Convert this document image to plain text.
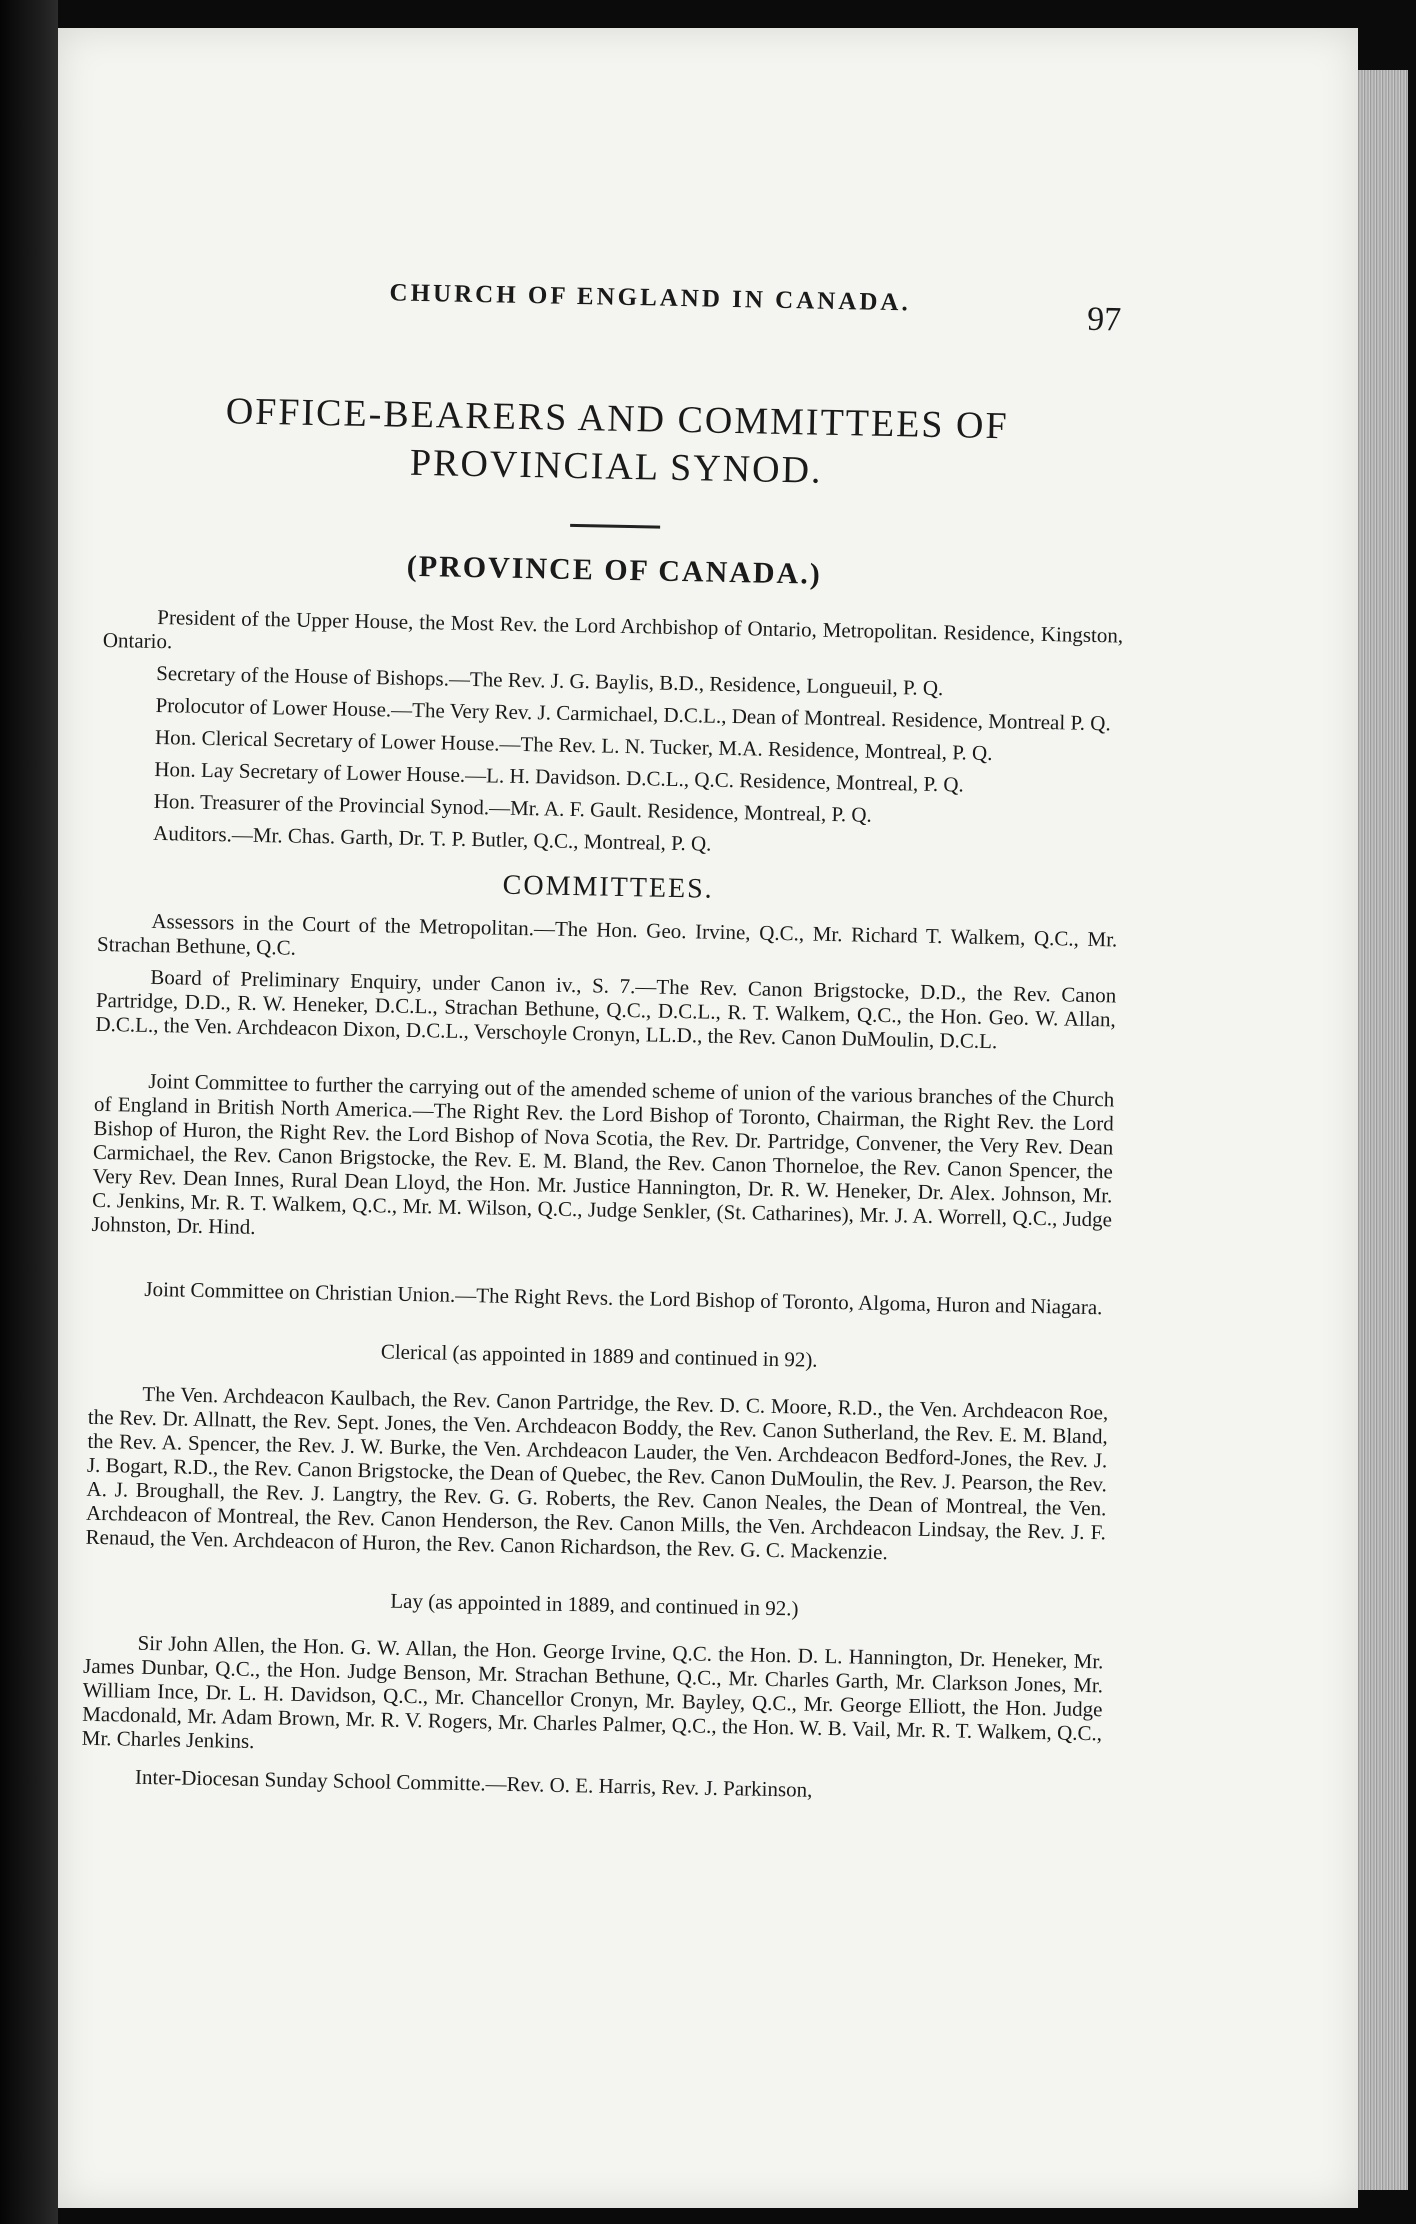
CHURCH OF ENGLAND IN CANADA.
97
OFFICE-BEARERS AND COMMITTEES OF
PROVINCIAL SYNOD.
(PROVINCE OF CANADA.)

President of the Upper House, the Most Rev. the Lord Archbishop of Ontario, Metropolitan. Residence, Kingston, Ontario.

Secretary of the House of Bishops.—The Rev. J. G. Baylis, B.D., Residence, Longueuil, P. Q.

Prolocutor of Lower House.—The Very Rev. J. Carmichael, D.C.L., Dean of Montreal. Residence, Montreal P. Q.

Hon. Clerical Secretary of Lower House.—The Rev. L. N. Tucker, M.A. Residence, Montreal, P. Q.

Hon. Lay Secretary of Lower House.—L. H. Davidson. D.C.L., Q.C. Residence, Montreal, P. Q.

Hon. Treasurer of the Provincial Synod.—Mr. A. F. Gault. Residence, Montreal, P. Q.

Auditors.—Mr. Chas. Garth, Dr. T. P. Butler, Q.C., Montreal, P. Q.

COMMITTEES.

Assessors in the Court of the Metropolitan.—The Hon. Geo. Irvine, Q.C., Mr. Richard T. Walkem, Q.C., Mr. Strachan Bethune, Q.C.

Board of Preliminary Enquiry, under Canon iv., S. 7.—The Rev. Canon Brigstocke, D.D., the Rev. Canon Partridge, D.D., R. W. Heneker, D.C.L., Strachan Bethune, Q.C., D.C.L., R. T. Walkem, Q.C., the Hon. Geo. W. Allan, D.C.L., the Ven. Archdeacon Dixon, D.C.L., Verschoyle Cronyn, LL.D., the Rev. Canon DuMoulin, D.C.L.

Joint Committee to further the carrying out of the amended scheme of union of the various branches of the Church of England in British North America.—The Right Rev. the Lord Bishop of Toronto, Chairman, the Right Rev. the Lord Bishop of Huron, the Right Rev. the Lord Bishop of Nova Scotia, the Rev. Dr. Partridge, Convener, the Very Rev. Dean Carmichael, the Rev. Canon Brigstocke, the Rev. E. M. Bland, the Rev. Canon Thorneloe, the Rev. Canon Spencer, the Very Rev. Dean Innes, Rural Dean Lloyd, the Hon. Mr. Justice Hannington, Dr. R. W. Heneker, Dr. Alex. Johnson, Mr. C. Jenkins, Mr. R. T. Walkem, Q.C., Mr. M. Wilson, Q.C., Judge Senkler, (St. Catharines), Mr. J. A. Worrell, Q.C., Judge Johnston, Dr. Hind.

Joint Committee on Christian Union.—The Right Revs. the Lord Bishop of Toronto, Algoma, Huron and Niagara.

Clerical (as appointed in 1889 and continued in 92).

The Ven. Archdeacon Kaulbach, the Rev. Canon Partridge, the Rev. D. C. Moore, R.D., the Ven. Archdeacon Roe, the Rev. Dr. Allnatt, the Rev. Sept. Jones, the Ven. Archdeacon Boddy, the Rev. Canon Sutherland, the Rev. E. M. Bland, the Rev. A. Spencer, the Rev. J. W. Burke, the Ven. Archdeacon Lauder, the Ven. Archdeacon Bedford-Jones, the Rev. J. J. Bogart, R.D., the Rev. Canon Brigstocke, the Dean of Quebec, the Rev. Canon DuMoulin, the Rev. J. Pearson, the Rev. A. J. Broughall, the Rev. J. Langtry, the Rev. G. G. Roberts, the Rev. Canon Neales, the Dean of Montreal, the Ven. Archdeacon of Montreal, the Rev. Canon Henderson, the Rev. Canon Mills, the Ven. Archdeacon Lindsay, the Rev. J. F. Renaud, the Ven. Archdeacon of Huron, the Rev. Canon Richardson, the Rev. G. C. Mackenzie.

Lay (as appointed in 1889, and continued in 92.)

Sir John Allen, the Hon. G. W. Allan, the Hon. George Irvine, Q.C. the Hon. D. L. Hannington, Dr. Heneker, Mr. James Dunbar, Q.C., the Hon. Judge Benson, Mr. Strachan Bethune, Q.C., Mr. Charles Garth, Mr. Clarkson Jones, Mr. William Ince, Dr. L. H. Davidson, Q.C., Mr. Chancellor Cronyn, Mr. Bayley, Q.C., Mr. George Elliott, the Hon. Judge Macdonald, Mr. Adam Brown, Mr. R. V. Rogers, Mr. Charles Palmer, Q.C., the Hon. W. B. Vail, Mr. R. T. Walkem, Q.C., Mr. Charles Jenkins.

Inter-Diocesan Sunday School Committe.—Rev. O. E. Harris, Rev. J. Parkinson,
